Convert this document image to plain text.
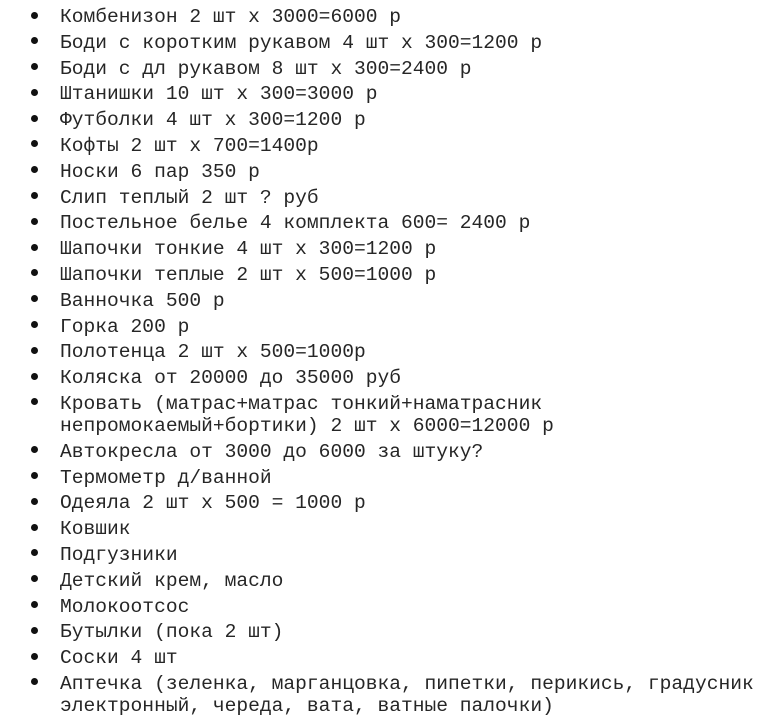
Комбенизон 2 шт х 3000=6000 р
Боди с коротким рукавом 4 шт х 300=1200 р
Боди с дл рукавом 8 шт х 300=2400 р
Штанишки 10 шт х 300=3000 р
Футболки 4 шт х 300=1200 р
Кофты 2 шт х 700=1400р
Носки 6 пар 350 р
Слип теплый 2 шт ? руб
Постельное белье 4 комплекта 600= 2400 р
Шапочки тонкие 4 шт х 300=1200 р
Шапочки теплые 2 шт х 500=1000 р
Ванночка 500 р
Горка 200 р
Полотенца 2 шт х 500=1000р
Коляска от 20000 до 35000 руб
Кровать (матрас+матрас тонкий+наматрасник
непромокаемый+бортики) 2 шт х 6000=12000 р
Автокресла от 3000 до 6000 за штуку?
Термометр д/ванной
Одеяла 2 шт х 500 = 1000 р
Ковшик
Подгузники
Детский крем, масло
Молокоотсос
Бутылки (пока 2 шт)
Соски 4 шт
Аптечка (зеленка, марганцовка, пипетки, перикись, градусник
электронный, череда, вата, ватные палочки)
